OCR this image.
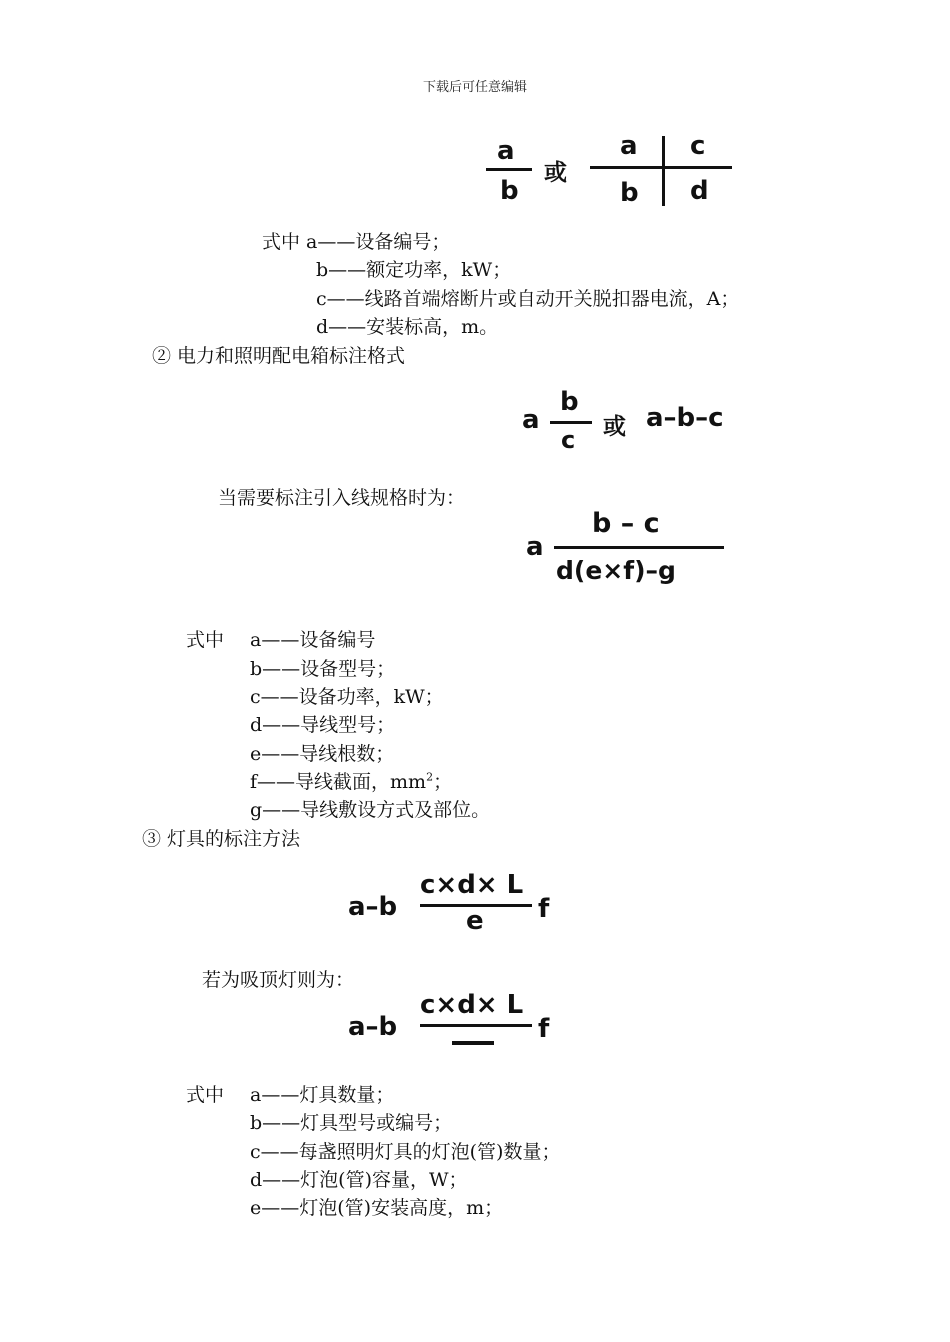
下载后可任意编辑
a
b
或
a c
b d
式中 a——设备编号；
b——额定功率，kW；
c——线路首端熔断片或自动开关脱扣器电流，A；
d——安装标高，m。
② 电力和照明配电箱标注格式
a
b
c 或 a–b–c
当需要标注引入线规格时为：
a
b – c
d(e×f)–g
式中 a——设备编号
b——设备型号；
c——设备功率，kW；
d——导线型号；
e——导线根数；
f——导线截面，$mm^2$；
g——导线敷设方式及部位。
③ 灯具的标注方法
a–b
c×d× L
e f
若为吸顶灯则为：
a–b
c×d× L
f
式中 a——灯具数量；
b——灯具型号或编号；
c——每盏照明灯具的灯泡(管)数量；
d——灯泡(管)容量，W；
e——灯泡(管)安装高度，m；
